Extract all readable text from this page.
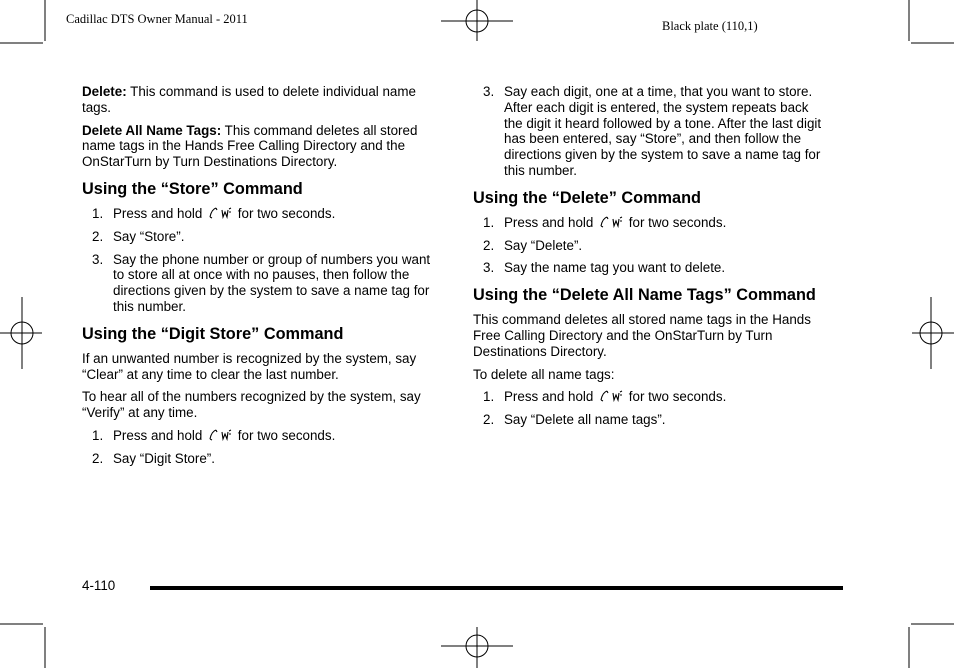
Cadillac DTS Owner Manual - 2011	Black plate (110,1)

Delete: This command is used to delete individual name tags.

Delete All Name Tags: This command deletes all stored name tags in the Hands Free Calling Directory and the OnStarTurn by Turn Destinations Directory.

Using the “Store” Command
1. Press and hold	for two seconds.
2. Say “Store”.
3. Say the phone number or group of numbers you want to store all at once with no pauses, then follow the directions given by the system to save a name tag for this number.
Using the “Digit Store” Command

If an unwanted number is recognized by the system, say “Clear” at any time to clear the last number.

To hear all of the numbers recognized by the system, say “Verify” at any time.

1. Press and hold	for two seconds.
2. Say “Digit Store”.
3. Say each digit, one at a time, that you want to store. After each digit is entered, the system repeats back the digit it heard followed by a tone. After the last digit has been entered, say “Store”, and then follow the directions given by the system to save a name tag for this number.
Using the “Delete” Command
1. Press and hold	for two seconds.
2. Say “Delete”.
3. Say the name tag you want to delete.
Using the “Delete All Name Tags” Command

This command deletes all stored name tags in the Hands Free Calling Directory and the OnStarTurn by Turn Destinations Directory.

To delete all name tags:

1. Press and hold	for two seconds.
2. Say “Delete all name tags”.
4-110
